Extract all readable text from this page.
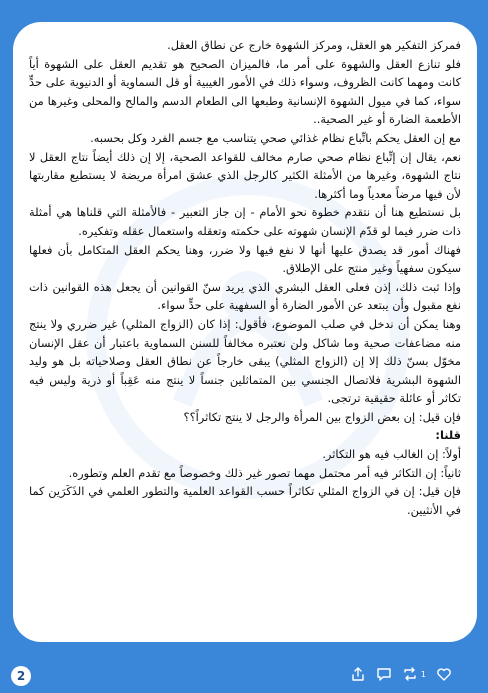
فمركز التفكير هو العقل، ومركز الشهوة خارج عن نطاق العقل.

فلو تنازع العقل والشهوة على أمر ما، فالميزان الصحيح هو تقديم العقل على الشهوة أياً كانت ومهما كانت الظروف، وسواء ذلك في الأمور الغيبية أو قل السماوية أو الدنيوية على حدٍّ سواء، كما في ميول الشهوة الإنسانية وطبعها الى الطعام الدسم والمالح والمحلى وغيرها من الأطعمة الضارة أو غير الصحية..

مع إن العقل يحكم باتِّباع نظام غذائي صحي يتناسب مع جسم الفرد وكل بحسبه.

نعم، يقال إن إتِّباع نظام صحي صارم مخالف للقواعد الصحية، إلا إن ذلك أيضاً نتاج العقل لا نتاج الشهوة، وغيرها من الأمثلة الكثير كالرجل الذي عشق امرأة مريضة لا يستطيع مقاربتها لأن فيها مرضاً معدياً وما أكثرها.

بل نستطيع هنا أن نتقدم خطوة نحو الأمام - إن جاز التعبير - فالأمثلة التي قلناها هي أمثلة ذات ضرر فيما لو قدّم الإنسان شهوته على حكمته وتعقله واستعمال عقله وتفكيره.

فهناك أمور قد يصدق عليها أنها لا نفع فيها ولا ضرر، وهنا يحكم العقل المتكامل بأن فعلها سيكون سفهياً وغير منتج على الإطلاق.

وإذا ثبت ذلك، إذن فعلى العقل البشري الذي يريد سنّ القوانين أن يجعل هذه القوانين ذات نفع مقبول وأن يبتعد عن الأمور الضارة أو السفهية على حدٍّ سواء.

وهنا يمكن أن ندخل في صلب الموضوع، فأقول: إذا كان (الزواج المثلي) غير ضرري ولا ينتج منه مضاعفات صحية وما شاكل ولن نعتبره مخالفاً للسنن السماوية باعتبار أن عقل الإنسان مخوّل بسنّ ذلك إلا إن (الزواج المثلي) يبقى خارجاً عن نطاق العقل وصلاحياته بل هو وليد الشهوة البشرية فلاتصال الجنسي بين المتماثلين جنساً لا ينتج منه عَقِباً أو ذرية وليس فيه تكاثر أو عائلة حقيقية ترتجى.

فإن قيل: إن بعض الزواج بين المرأة والرجل لا ينتج تكاثراً؟؟

قلنا:

أولاً: إن الغالب فيه هو التكاثر.

ثانياً: إن التكاثر فيه أمر محتمل مهما تصور غير ذلك وخصوصاً مع تقدم العلم وتطوره.

فإن قيل: إن في الزواج المثلي تكاثراً حسب القواعد العلمية والتطور العلمي في الذَكَرَين كما في الأنثيين.

2	1
